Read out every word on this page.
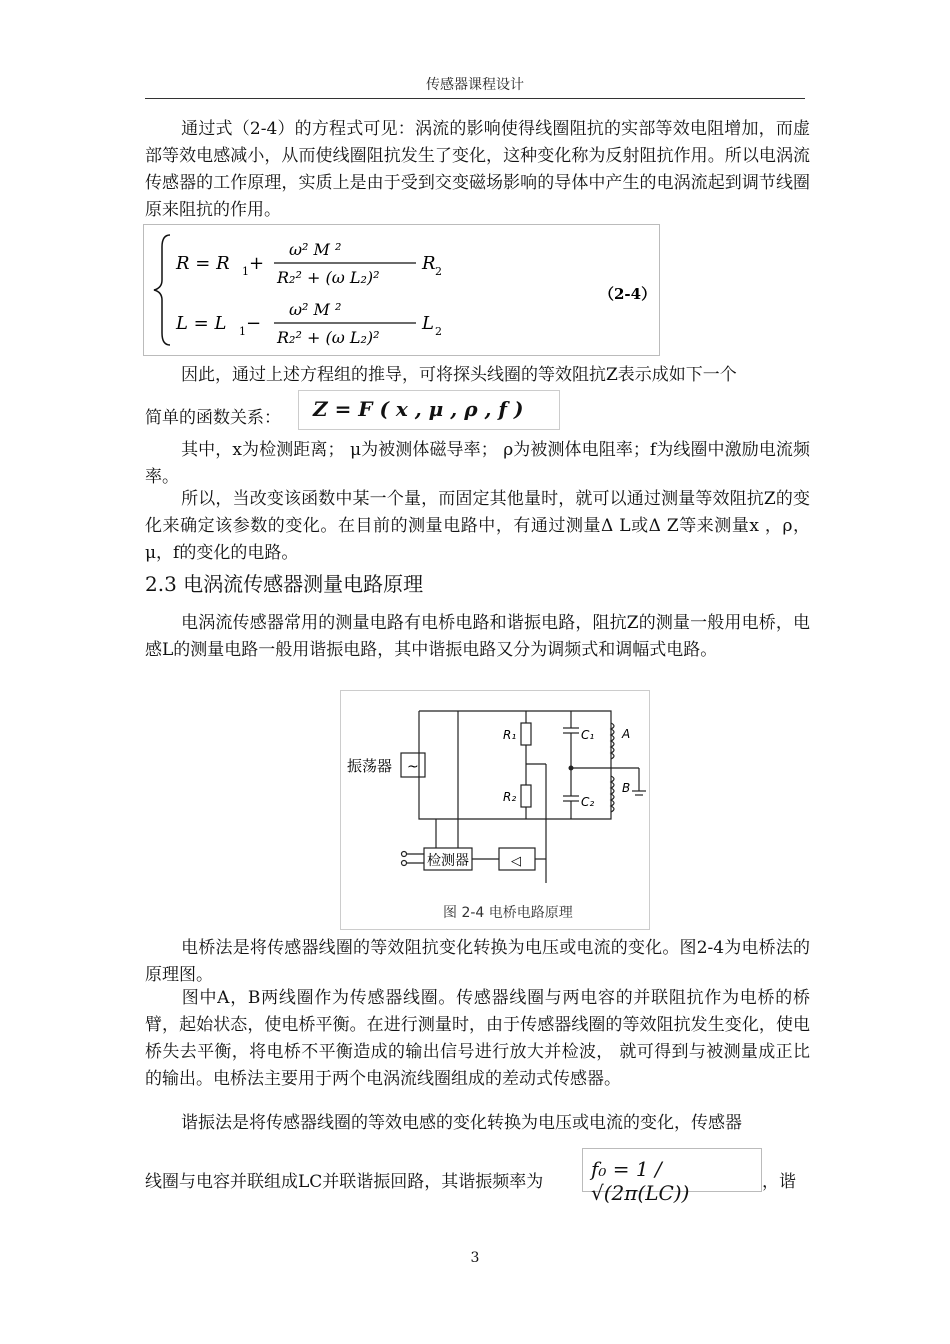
传感器课程设计
通过式（2-4）的方程式可见：涡流的影响使得线圈阻抗的实部等效电阻增加，而虚部等效电感减小，从而使线圈阻抗发生了变化，这种变化称为反射阻抗作用。所以电涡流传感器的工作原理，实质上是由于受到交变磁场影响的导体中产生的电涡流起到调节线圈原来阻抗的作用。
R = R 1 +
ω² M ²
R₂² + (ω L₂)²
R 2
L = L 1 −
ω² M ²
R₂² + (ω L₂)²
L 2
（2-4）
因此，通过上述方程组的推导，可将探头线圈的等效阻抗Z表示成如下一个
简单的函数关系：	Z = F ( x , μ , ρ , f )
其中，x为检测距离； μ为被测体磁导率； ρ为被测体电阻率；f为线圈中激励电流频率。
所以，当改变该函数中某一个量，而固定其他量时，就可以通过测量等效阻抗Z的变化来确定该参数的变化。在目前的测量电路中，有通过测量Δ L或Δ Z等来测量x ，ρ，μ，f的变化的电路。
2.3 电涡流传感器测量电路原理
电涡流传感器常用的测量电路有电桥电路和谐振电路，阻抗Z的测量一般用电桥，电感L的测量电路一般用谐振电路，其中谐振电路又分为调频式和调幅式电路。
振荡器 ~
检测器	◁
R₁
R₂
C₁
C₂
A
B
图 2-4 电桥电路原理
电桥法是将传感器线圈的等效阻抗变化转换为电压或电流的变化。图2-4为电桥法的原理图。
图中A，B两线圈作为传感器线圈。传感器线圈与两电容的并联阻抗作为电桥的桥臂，起始状态，使电桥平衡。在进行测量时，由于传感器线圈的等效阻抗发生变化，使电桥失去平衡，将电桥不平衡造成的输出信号进行放大并检波， 就可得到与被测量成正比的输出。电桥法主要用于两个电涡流线圈组成的差动式传感器。
谐振法是将传感器线圈的等效电感的变化转换为电压或电流的变化，传感器
线圈与电容并联组成LC并联谐振回路，其谐振频率为
f₀ = 1 / √(2π(LC))	，谐
3
